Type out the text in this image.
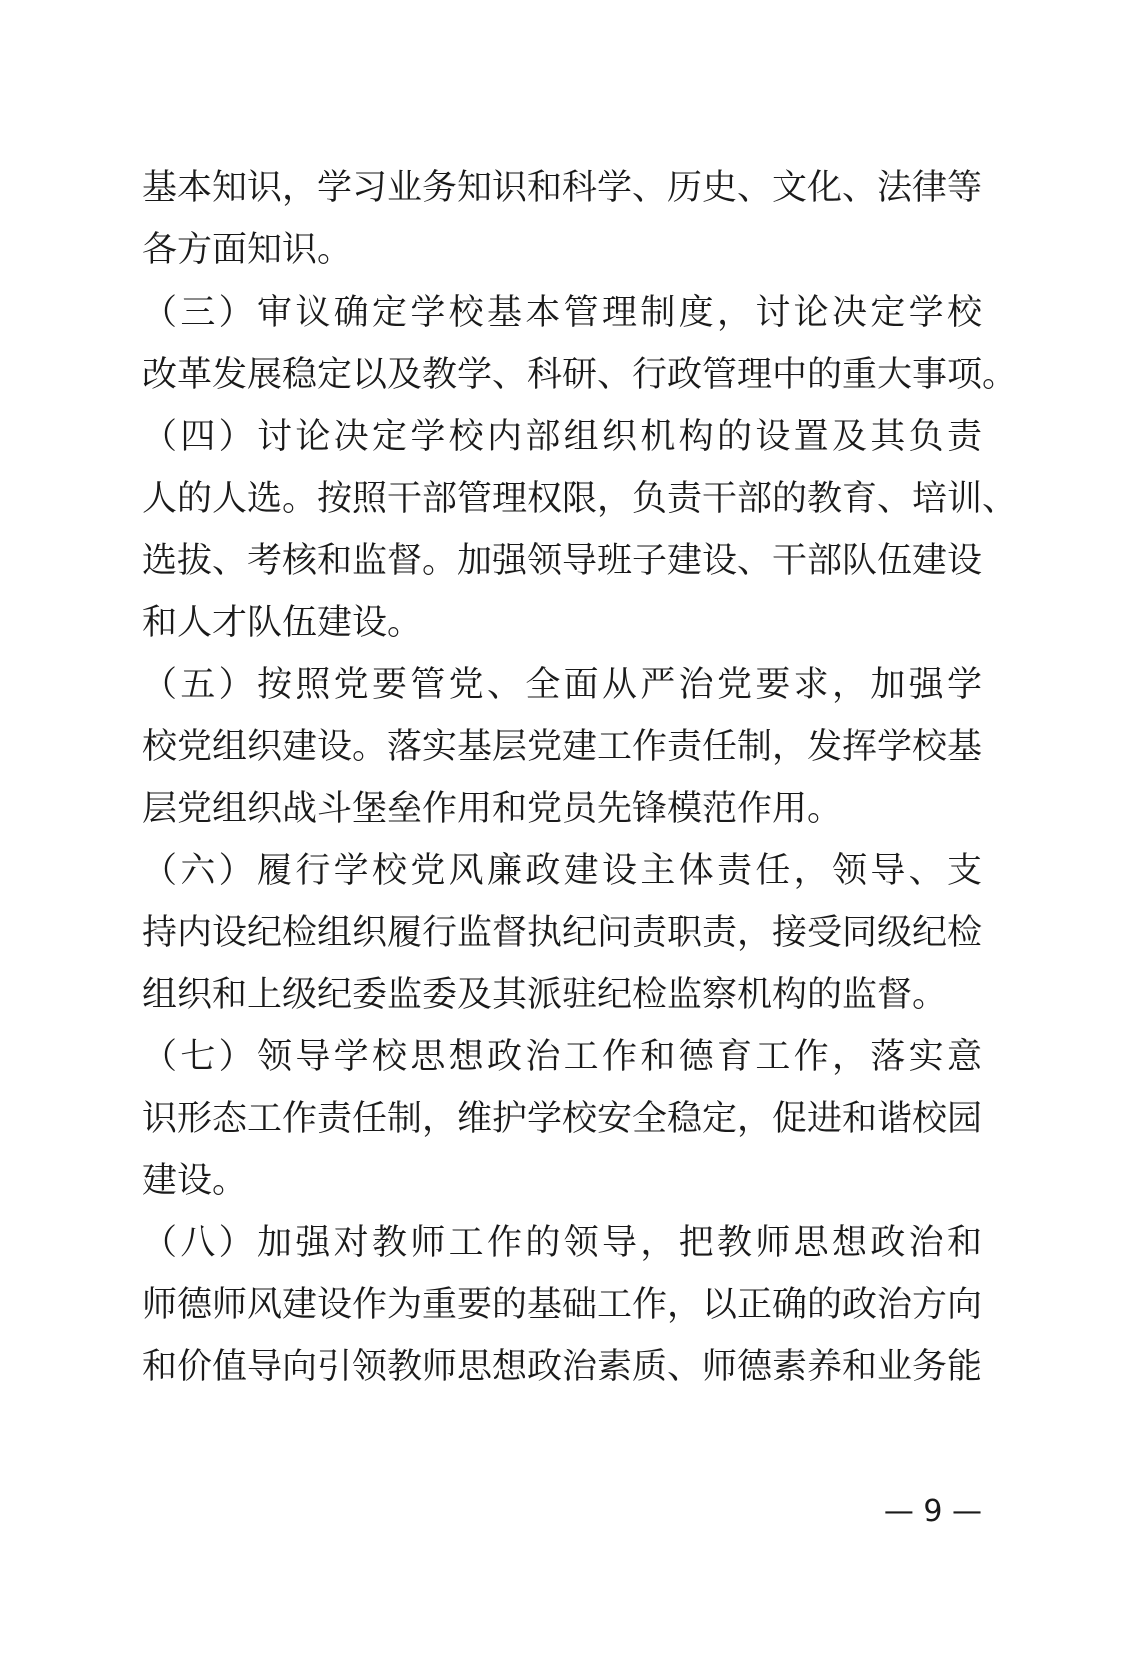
基本知识，学习业务知识和科学、历史、文化、法律等
各方面知识。
（三）审议确定学校基本管理制度，讨论决定学校
改革发展稳定以及教学、科研、行政管理中的重大事项。
（四）讨论决定学校内部组织机构的设置及其负责
人的人选。按照干部管理权限，负责干部的教育、培训、
选拔、考核和监督。加强领导班子建设、干部队伍建设
和人才队伍建设。
（五）按照党要管党、全面从严治党要求，加强学
校党组织建设。落实基层党建工作责任制，发挥学校基
层党组织战斗堡垒作用和党员先锋模范作用。
（六）履行学校党风廉政建设主体责任，领导、支
持内设纪检组织履行监督执纪问责职责，接受同级纪检
组织和上级纪委监委及其派驻纪检监察机构的监督。
（七）领导学校思想政治工作和德育工作，落实意
识形态工作责任制，维护学校安全稳定，促进和谐校园
建设。
（八）加强对教师工作的领导，把教师思想政治和
师德师风建设作为重要的基础工作，以正确的政治方向
和价值导向引领教师思想政治素质、师德素养和业务能
— 9 —
